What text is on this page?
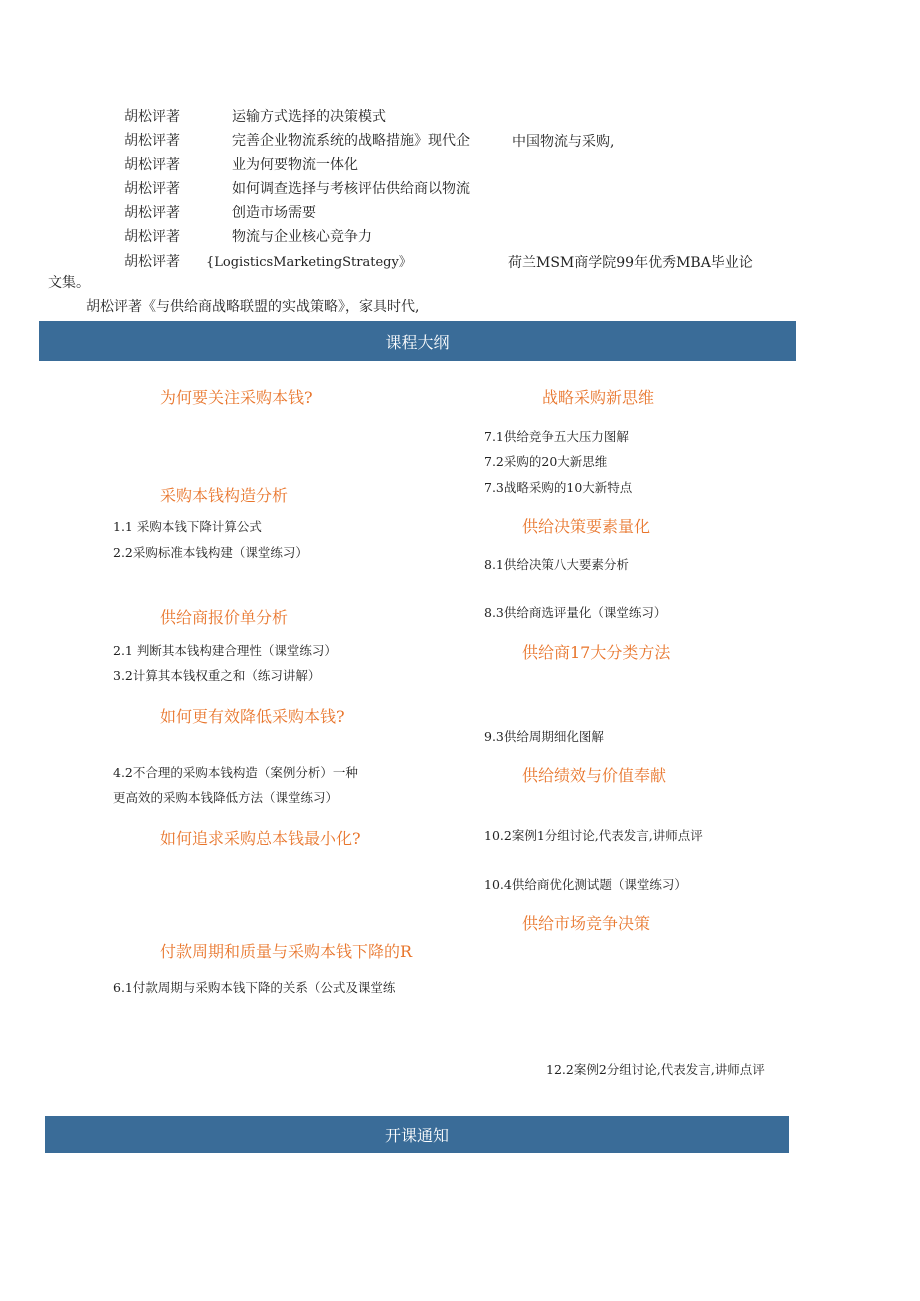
胡松评著	运输方式选择的决策模式
胡松评著	完善企业物流系统的战略措施》现代企	中国物流与采购,
胡松评著	业为何要物流一体化
胡松评著	如何调查选择与考核评估供给商以物流
胡松评著	创造市场需要
胡松评著	物流与企业核心竞争力
胡松评著 {LogisticsMarketingStrategy》	荷兰MSM商学院99年优秀MBA毕业论
文集。
胡松评著《与供给商战略联盟的实战策略》，家具时代,
课程大纲
为何要关注采购本钱?
采购本钱构造分析
1.1 采购本钱下降计算公式
2.2采购标准本钱构建（课堂练习）
供给商报价单分析
2.1 判断其本钱构建合理性（课堂练习）
3.2计算其本钱权重之和（练习讲解）
如何更有效降低采购本钱?
4.2不合理的采购本钱构造（案例分析）一种
更高效的采购本钱降低方法（课堂练习）
如何追求采购总本钱最小化?
付款周期和质量与采购本钱下降的R
6.1付款周期与采购本钱下降的关系（公式及课堂练
战略采购新思维
7.1供给竞争五大压力图解
7.2采购的20大新思维
7.3战略采购的10大新特点
供给决策要素量化
8.1供给决策八大要素分析
8.3供给商选评量化（课堂练习）
供给商17大分类方法
9.3供给周期细化图解
供给绩效与价值奉献
10.2案例1分组讨论,代表发言,讲师点评
10.4供给商优化测试题（课堂练习）
供给市场竞争决策
12.2案例2分组讨论,代表发言,讲师点评
开课通知
